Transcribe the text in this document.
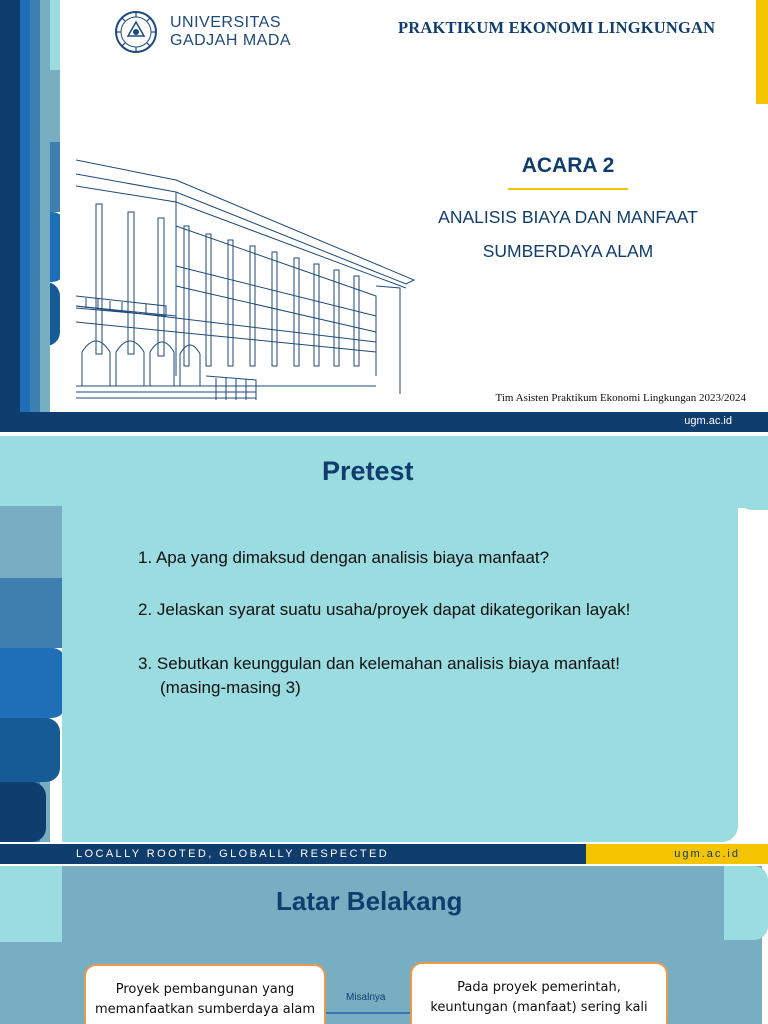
UNIVERSITAS
GADJAH MADA
PRAKTIKUM EKONOMI LINGKUNGAN
ACARA 2
ANALISIS BIAYA DAN MANFAAT
SUMBERDAYA ALAM
Tim Asisten Praktikum Ekonomi Lingkungan 2023/2024
ugm.ac.id
Pretest
1. Apa yang dimaksud dengan analisis biaya manfaat?
2. Jelaskan syarat suatu usaha/proyek dapat dikategorikan layak!
3. Sebutkan keunggulan dan kelemahan analisis biaya manfaat!
(masing-masing 3)
LOCALLY ROOTED, GLOBALLY RESPECTED	ugm.ac.id
Latar Belakang
Proyek pembangunan yang
memanfaatkan sumberdaya alam
Misalnya
Pada proyek pemerintah,
keuntungan (manfaat) sering kali
